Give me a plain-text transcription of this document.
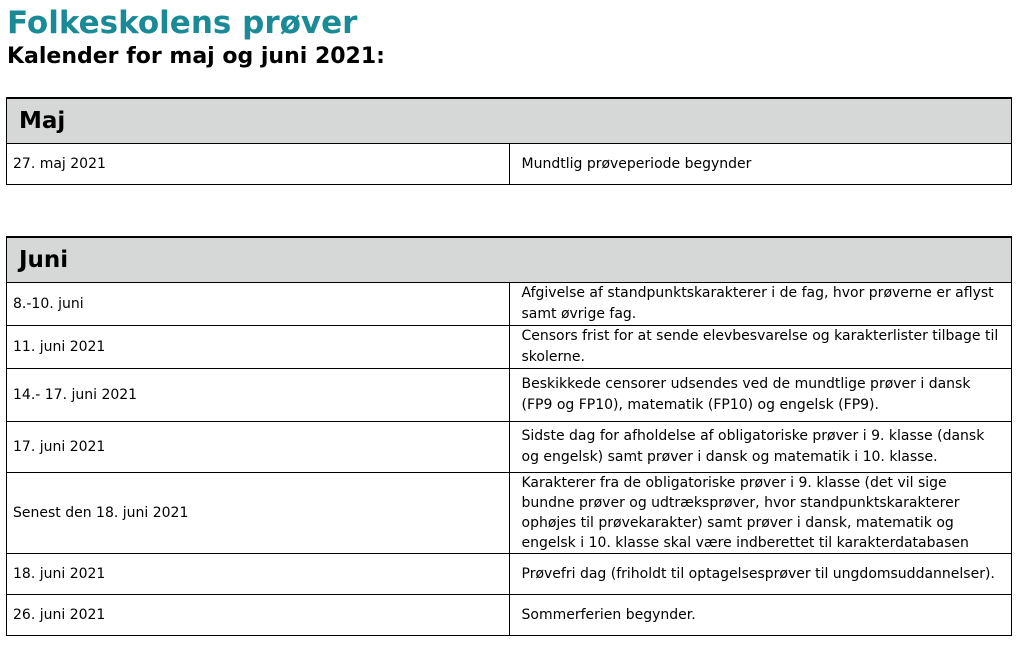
Folkeskolens prøver
Kalender for maj og juni 2021:
Maj
27. maj 2021	Mundtlig prøveperiode begynder
Juni	
8.-10. juni	Afgivelse af standpunktskarakterer i de fag, hvor prøverne er aflyst samt øvrige fag.
11. juni 2021	Censors frist for at sende elevbesvarelse og karakterlister tilbage til skolerne.
14.- 17. juni 2021	Beskikkede censorer udsendes ved de mundtlige prøver i dansk (FP9 og FP10), matematik (FP10) og engelsk (FP9).
17. juni 2021	Sidste dag for afholdelse af obligatoriske prøver i 9. klasse (dansk og engelsk) samt prøver i dansk og matematik i 10. klasse.
Senest den 18. juni 2021	Karakterer fra de obligatoriske prøver i 9. klasse (det vil sige bundne prøver og udtræksprøver, hvor standpunktskarakterer ophøjes til prøvekarakter) samt prøver i dansk, matematik og engelsk i 10. klasse skal være indberettet til karakterdatabasen
18. juni 2021	Prøvefri dag (friholdt til optagelsesprøver til ungdomsuddannelser).
26. juni 2021	Sommerferien begynder.
